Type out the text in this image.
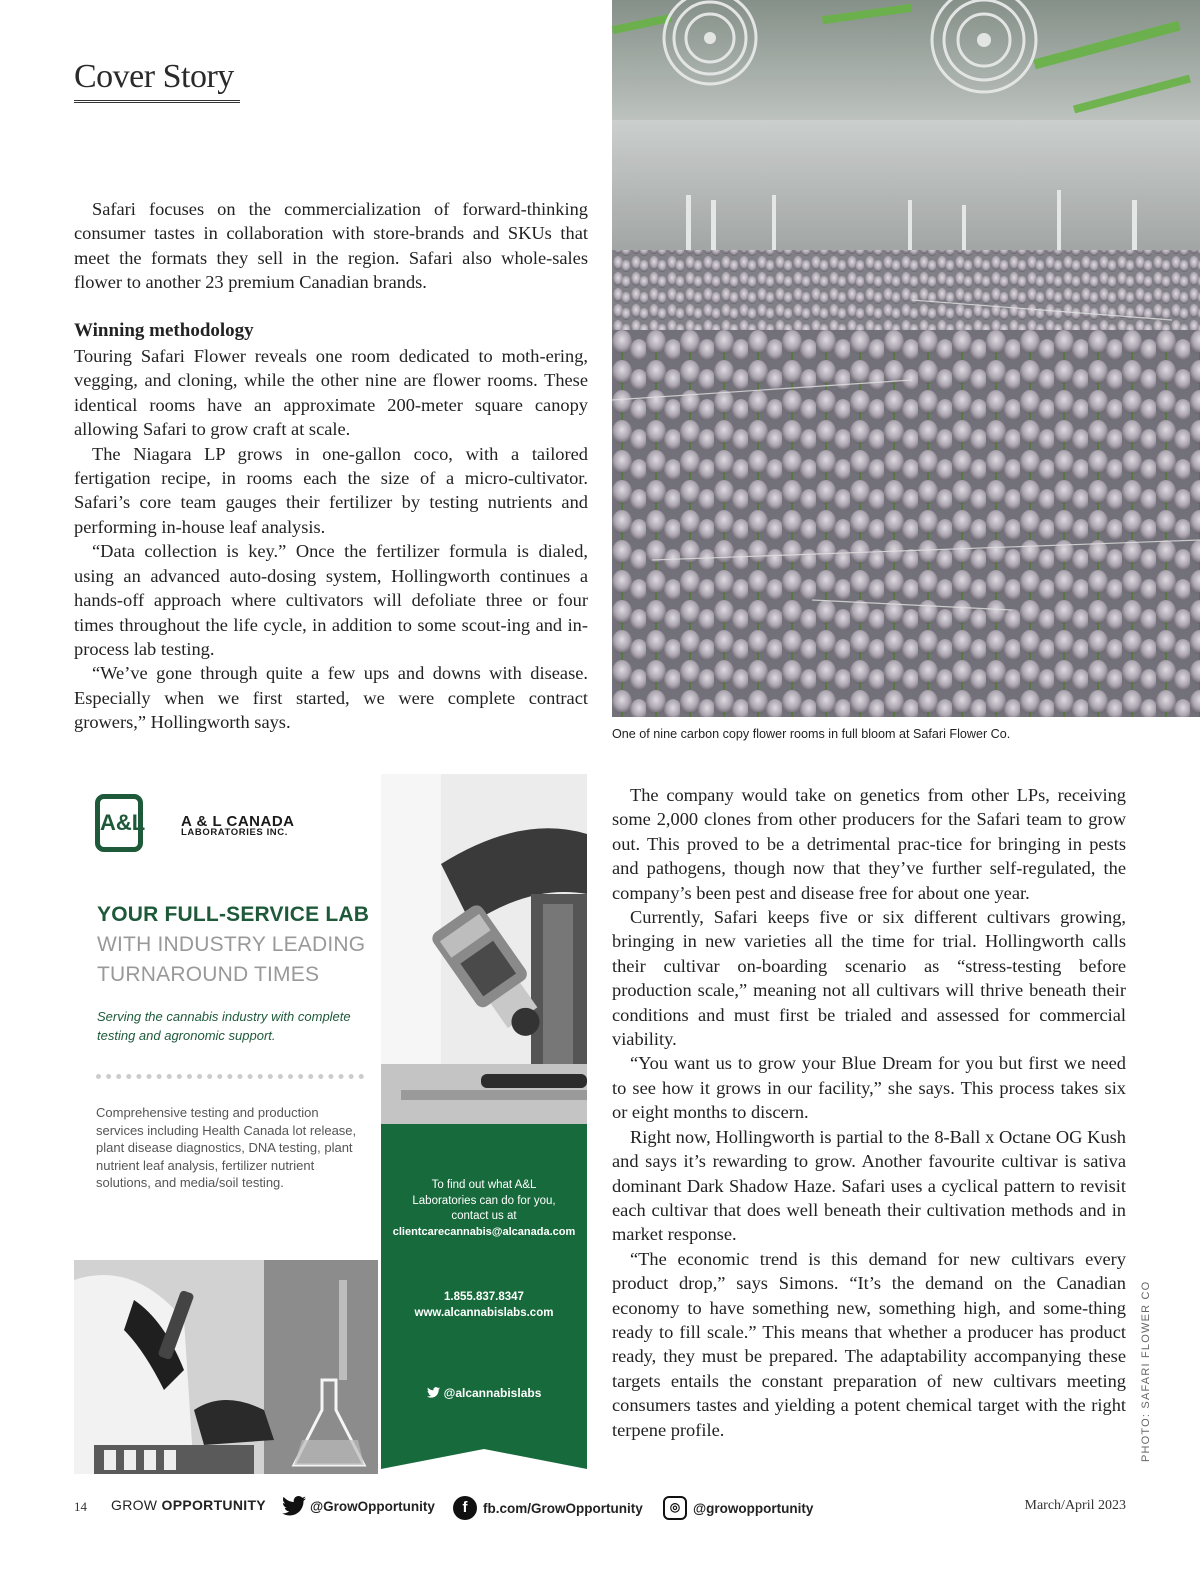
Cover Story

Safari focuses on the commercialization of forward-thinking consumer tastes in collaboration with store-brands and SKUs that meet the formats they sell in the region. Safari also whole-sales flower to another 23 premium Canadian brands.

Winning methodology

Touring Safari Flower reveals one room dedicated to moth-ering, vegging, and cloning, while the other nine are flower rooms. These identical rooms have an approximate 200-meter square canopy allowing Safari to grow craft at scale.

The Niagara LP grows in one-gallon coco, with a tailored fertigation recipe, in rooms each the size of a micro-cultivator. Safari’s core team gauges their fertilizer by testing nutrients and performing in-house leaf analysis.

“Data collection is key.” Once the fertilizer formula is dialed, using an advanced auto-dosing system, Hollingworth continues a hands-off approach where cultivators will defoliate three or four times throughout the life cycle, in addition to some scout-ing and in-process lab testing.

“We’ve gone through quite a few ups and downs with disease. Especially when we first started, we were complete contract growers,” Hollingworth says.

One of nine carbon copy flower rooms in full bloom at Safari Flower Co.

The company would take on genetics from other LPs, receiving some 2,000 clones from other producers for the Safari team to grow out. This proved to be a detrimental prac-tice for bringing in pests and pathogens, though now that they’ve further self-regulated, the company’s been pest and disease free for about one year.

Currently, Safari keeps five or six different cultivars growing, bringing in new varieties all the time for trial. Hollingworth calls their cultivar on-boarding scenario as “stress-testing before production scale,” meaning not all cultivars will thrive beneath their conditions and must first be trialed and assessed for commercial viability.

“You want us to grow your Blue Dream for you but first we need to see how it grows in our facility,” she says. This process takes six or eight months to discern.

Right now, Hollingworth is partial to the 8-Ball x Octane OG Kush and says it’s rewarding to grow. Another favourite cultivar is sativa dominant Dark Shadow Haze. Safari uses a cyclical pattern to revisit each cultivar that does well beneath their cultivation methods and in market response.

“The economic trend is this demand for new cultivars every product drop,” says Simons. “It’s the demand on the Canadian economy to have something new, something high, and some-thing ready to fill scale.” This means that whether a producer has product ready, they must be prepared. The adaptability accompanying these targets entails the constant preparation of new cultivars meeting consumers tastes and yielding a potent chemical target with the right terpene profile.	PHOTO: SAFARI FLOWER CO
A&L A & L CANADA
LABORATORIES INC.
YOUR FULL-SERVICE LAB
WITH INDUSTRY LEADING
TURNAROUND TIMES
Serving the cannabis industry with complete testing and agronomic support.
Comprehensive testing and production services including Health Canada lot release, plant disease diagnostics, DNA testing, plant nutrient leaf analysis, fertilizer nutrient solutions, and media/soil testing.	To find out what A&L
Laboratories can do for you,
contact us at
clientcarecannabis@alcanada.com
1.855.837.8347
www.alcannabislabs.com
@alcannabislabs
14 GROW OPPORTUNITY	@GrowOpportunity	f	fb.com/GrowOpportunity	◎ @growopportunity	March/April 2023
